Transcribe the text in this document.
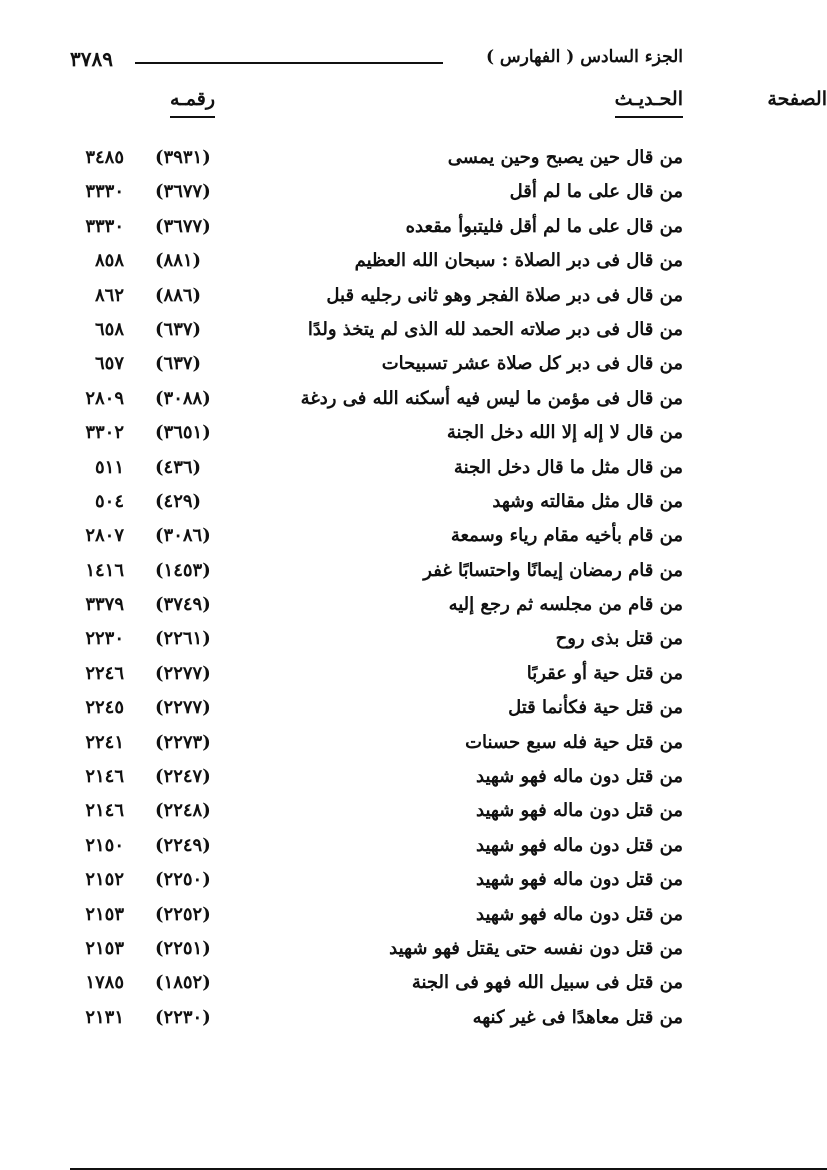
٣٧٨٩	الجزء السادس ( الفهارس )
الحـديـث
رقمـه	الصفحة
من قال حين يصبح وحين يمسى
(٣٩٣١)
٣٤٨٥
من قال على ما لم أقل
(٣٦٧٧)
٣٣٣٠
من قال على ما لم أقل فليتبوأ مقعده
(٣٦٧٧)
٣٣٣٠
من قال فى دبر الصلاة : سبحان الله العظيم
(٨٨١)
٨٥٨
من قال فى دبر صلاة الفجر وهو ثانى رجليه قبل
(٨٨٦)
٨٦٢
من قال فى دبر صلاته الحمد لله الذى لم يتخذ ولدًا
(٦٣٧)
٦٥٨
من قال فى دبر كل صلاة عشر تسبيحات
(٦٣٧)
٦٥٧
من قال فى مؤمن ما ليس فيه أسكنه الله فى ردغة
(٣٠٨٨)
٢٨٠٩
من قال لا إله إلا الله دخل الجنة
(٣٦٥١)
٣٣٠٢
من قال مثل ما قال دخل الجنة
(٤٣٦)
٥١١
من قال مثل مقالته وشهد
(٤٢٩)
٥٠٤
من قام بأخيه مقام رياء وسمعة
(٣٠٨٦)
٢٨٠٧
من قام رمضان إيمانًا واحتسابًا غفر
(١٤٥٣)
١٤١٦
من قام من مجلسه ثم رجع إليه
(٣٧٤٩)
٣٣٧٩
من قتل بذى روح
(٢٢٦١)
٢٢٣٠
من قتل حية أو عقربًا
(٢٢٧٧)
٢٢٤٦
من قتل حية فكأنما قتل
(٢٢٧٧)
٢٢٤٥
من قتل حية فله سبع حسنات
(٢٢٧٣)
٢٢٤١
من قتل دون ماله فهو شهيد
(٢٢٤٧)
٢١٤٦
من قتل دون ماله فهو شهيد
(٢٢٤٨)
٢١٤٦
من قتل دون ماله فهو شهيد
(٢٢٤٩)
٢١٥٠
من قتل دون ماله فهو شهيد
(٢٢٥٠)
٢١٥٢
من قتل دون ماله فهو شهيد
(٢٢٥٢)
٢١٥٣
من قتل دون نفسه حتى يقتل فهو شهيد
(٢٢٥١)
٢١٥٣
من قتل فى سبيل الله فهو فى الجنة
(١٨٥٢)
١٧٨٥
من قتل معاهدًا فى غير كنهه
(٢٢٣٠)
٢١٣١
